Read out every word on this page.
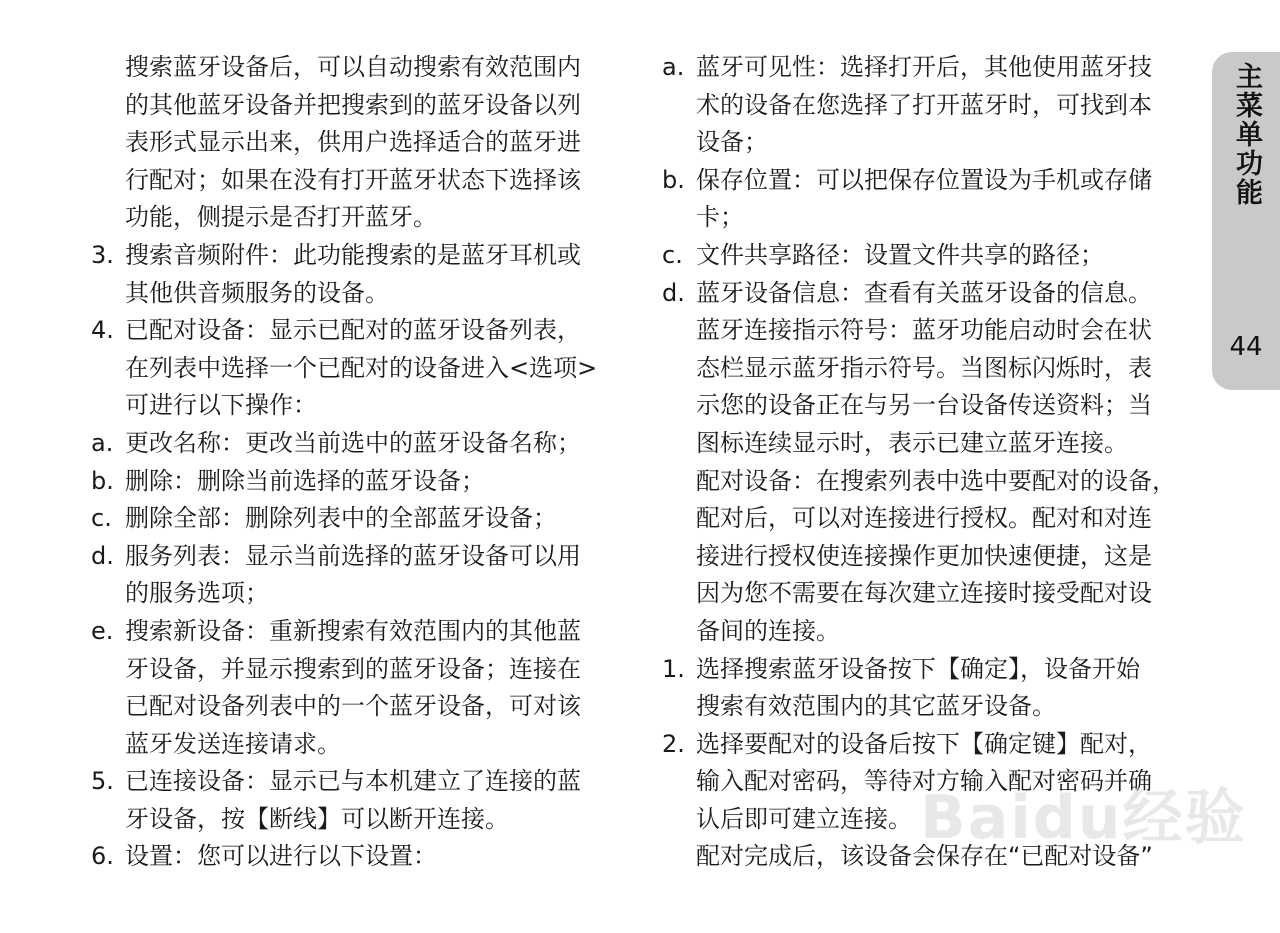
主菜单功能
44
搜索蓝牙设备后，可以自动搜索有效范围内
的其他蓝牙设备并把搜索到的蓝牙设备以列
表形式显示出来，供用户选择适合的蓝牙进
行配对；如果在没有打开蓝牙状态下选择该
功能，侧提示是否打开蓝牙。
3. 搜索音频附件：此功能搜索的是蓝牙耳机或
其他供音频服务的设备。
4. 已配对设备：显示已配对的蓝牙设备列表，
在列表中选择一个已配对的设备进入<选项>
可进行以下操作：
a. 更改名称：更改当前选中的蓝牙设备名称；
b. 删除：删除当前选择的蓝牙设备；
c. 删除全部：删除列表中的全部蓝牙设备；
d. 服务列表：显示当前选择的蓝牙设备可以用
的服务选项；
e. 搜索新设备：重新搜索有效范围内的其他蓝
牙设备，并显示搜索到的蓝牙设备；连接在
已配对设备列表中的一个蓝牙设备，可对该
蓝牙发送连接请求。
5. 已连接设备：显示已与本机建立了连接的蓝
牙设备，按【断线】可以断开连接。
6. 设置：您可以进行以下设置：
a. 蓝牙可见性：选择打开后，其他使用蓝牙技
术的设备在您选择了打开蓝牙时，可找到本
设备；
b. 保存位置：可以把保存位置设为手机或存储
卡；
c. 文件共享路径：设置文件共享的路径；
d. 蓝牙设备信息：查看有关蓝牙设备的信息。
蓝牙连接指示符号：蓝牙功能启动时会在状
态栏显示蓝牙指示符号。当图标闪烁时，表
示您的设备正在与另一台设备传送资料；当
图标连续显示时，表示已建立蓝牙连接。
配对设备：在搜索列表中选中要配对的设备，
配对后，可以对连接进行授权。配对和对连
接进行授权使连接操作更加快速便捷，这是
因为您不需要在每次建立连接时接受配对设
备间的连接。
1. 选择搜索蓝牙设备按下【确定】，设备开始
搜索有效范围内的其它蓝牙设备。
2. 选择要配对的设备后按下【确定键】配对，
输入配对密码，等待对方输入配对密码并确
认后即可建立连接。
配对完成后，该设备会保存在“已配对设备”
Baidu经验
